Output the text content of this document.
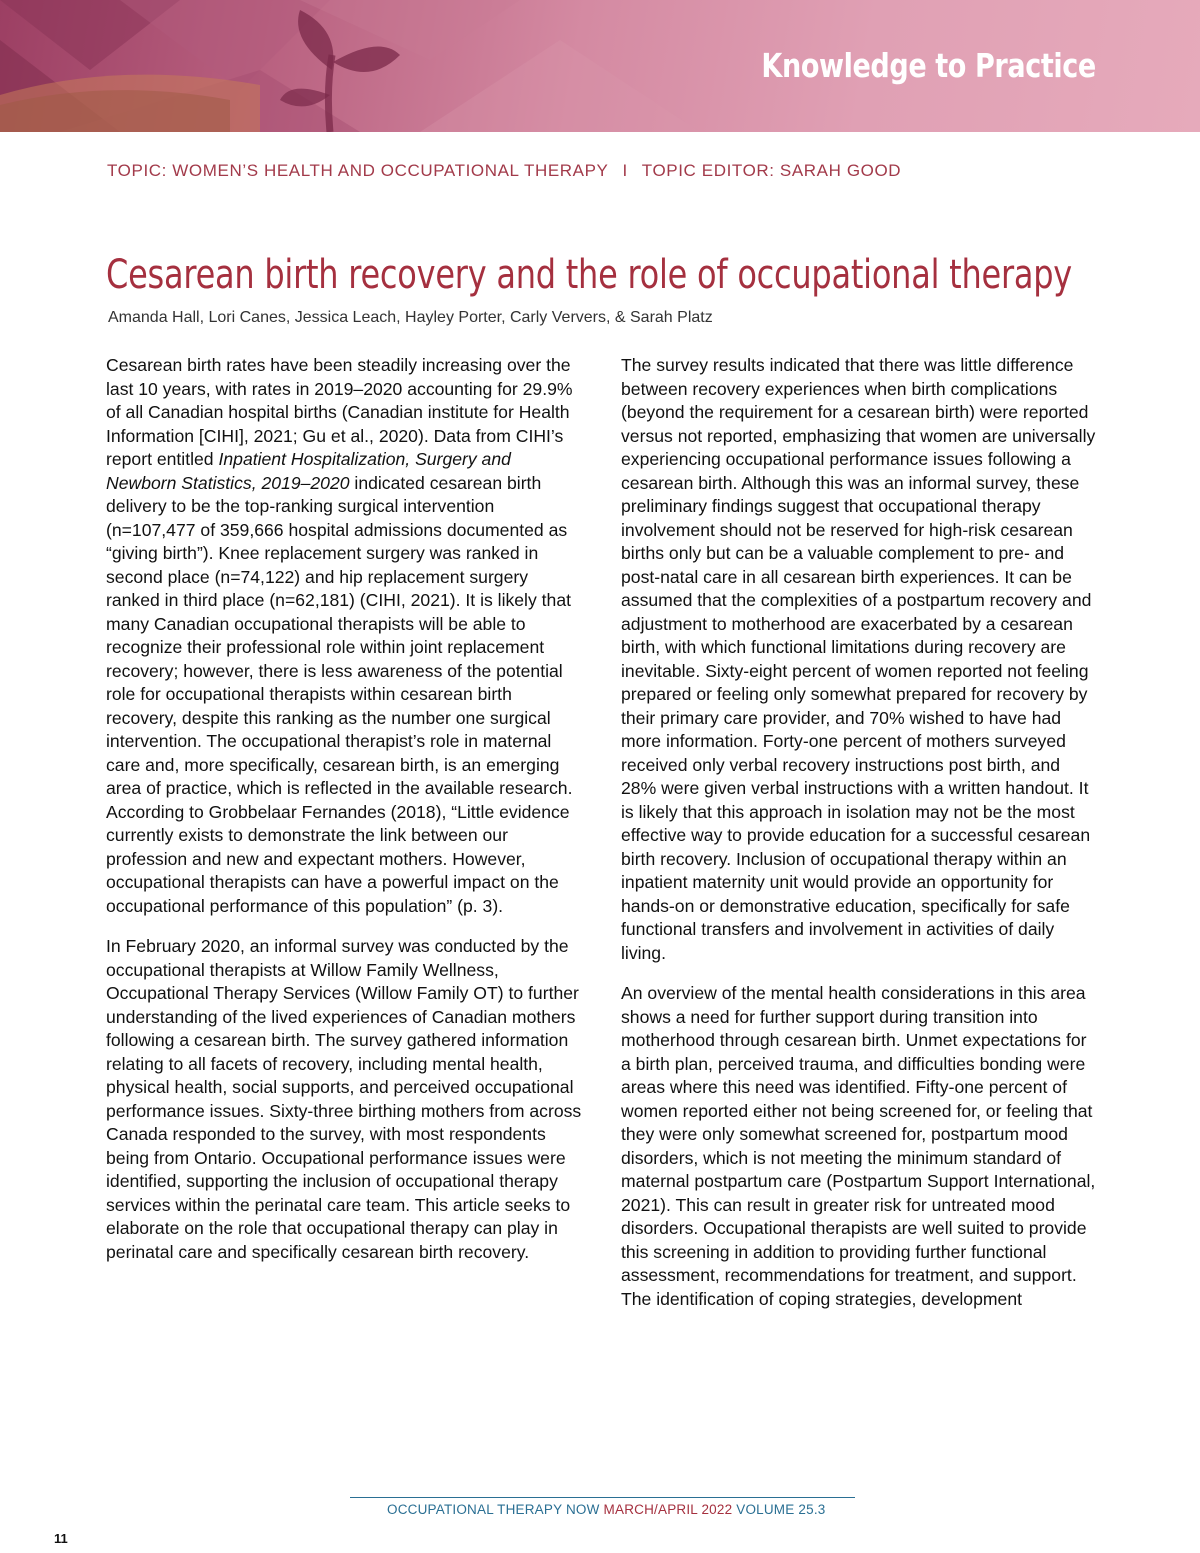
Knowledge to Practice
TOPIC: WOMEN’S HEALTH AND OCCUPATIONAL THERAPY I TOPIC EDITOR: SARAH GOOD
Cesarean birth recovery and the role of occupational therapy
Amanda Hall, Lori Canes, Jessica Leach, Hayley Porter, Carly Ververs, & Sarah Platz

Cesarean birth rates have been steadily increasing over the last 10 years, with rates in 2019–2020 accounting for 29.9% of all Canadian hospital births (Canadian institute for Health Information [CIHI], 2021; Gu et al., 2020). Data from CIHI’s report entitled Inpatient Hospitalization, Surgery and Newborn Statistics, 2019–2020 indicated cesarean birth delivery to be the top-ranking surgical intervention (n=107,477 of 359,666 hospital admissions documented as “giving birth”). Knee replacement surgery was ranked in second place (n=74,122) and hip replacement surgery ranked in third place (n=62,181) (CIHI, 2021). It is likely that many Canadian occupational therapists will be able to recognize their professional role within joint replacement recovery; however, there is less awareness of the potential role for occupational therapists within cesarean birth recovery, despite this ranking as the number one surgical intervention. The occupational therapist’s role in maternal care and, more specifically, cesarean birth, is an emerging area of practice, which is reflected in the available research. According to Grobbelaar Fernandes (2018), “Little evidence currently exists to demonstrate the link between our profession and new and expectant mothers. However, occupational therapists can have a powerful impact on the occupational performance of this population” (p. 3).

In February 2020, an informal survey was conducted by the occupational therapists at Willow Family Wellness, Occupational Therapy Services (Willow Family OT) to further understanding of the lived experiences of Canadian mothers following a cesarean birth. The survey gathered information relating to all facets of recovery, including mental health, physical health, social supports, and perceived occupational performance issues. Sixty-three birthing mothers from across Canada responded to the survey, with most respondents being from Ontario. Occupational performance issues were identified, supporting the inclusion of occupational therapy services within the perinatal care team. This article seeks to elaborate on the role that occupational therapy can play in perinatal care and specifically cesarean birth recovery.

The survey results indicated that there was little difference between recovery experiences when birth complications (beyond the requirement for a cesarean birth) were reported versus not reported, emphasizing that women are universally experiencing occupational performance issues following a cesarean birth. Although this was an informal survey, these preliminary findings suggest that occupational therapy involvement should not be reserved for high-risk cesarean births only but can be a valuable complement to pre- and post-natal care in all cesarean birth experiences. It can be assumed that the complexities of a postpartum recovery and adjustment to motherhood are exacerbated by a cesarean birth, with which functional limitations during recovery are inevitable. Sixty-eight percent of women reported not feeling prepared or feeling only somewhat prepared for recovery by their primary care provider, and 70% wished to have had more information. Forty-one percent of mothers surveyed received only verbal recovery instructions post birth, and 28% were given verbal instructions with a written handout. It is likely that this approach in isolation may not be the most effective way to provide education for a successful cesarean birth recovery. Inclusion of occupational therapy within an inpatient maternity unit would provide an opportunity for hands-on or demonstrative education, specifically for safe functional transfers and involvement in activities of daily living.

An overview of the mental health considerations in this area shows a need for further support during transition into motherhood through cesarean birth. Unmet expectations for a birth plan, perceived trauma, and difficulties bonding were areas where this need was identified. Fifty-one percent of women reported either not being screened for, or feeling that they were only somewhat screened for, postpartum mood disorders, which is not meeting the minimum standard of maternal postpartum care (Postpartum Support International, 2021). This can result in greater risk for untreated mood disorders. Occupational therapists are well suited to provide this screening in addition to providing further functional assessment, recommendations for treatment, and support. The identification of coping strategies, development

11
OCCUPATIONAL THERAPY NOW MARCH/APRIL 2022 VOLUME 25.3
